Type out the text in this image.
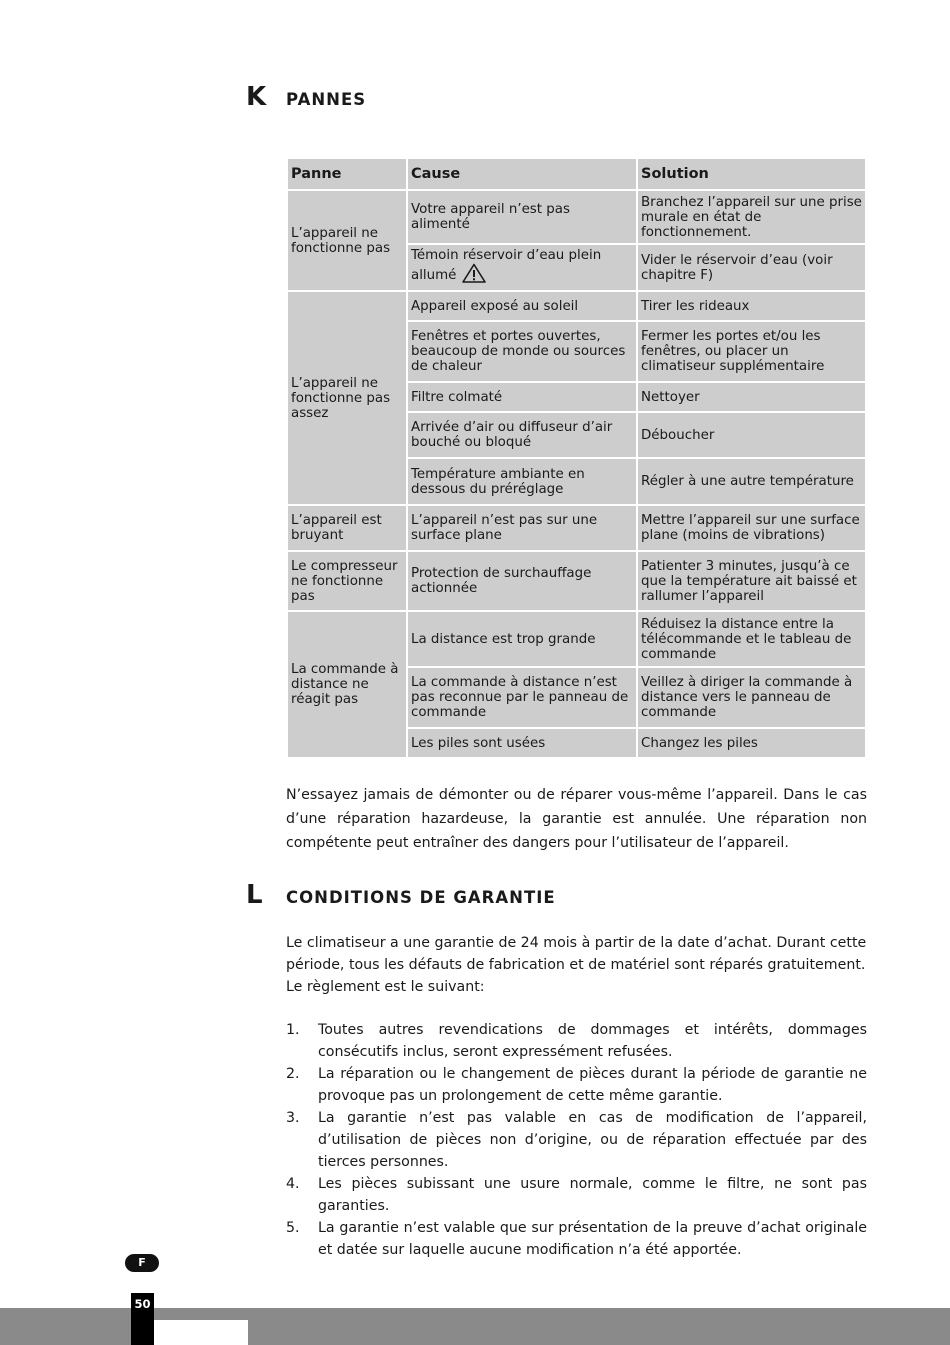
K	PANNES
Panne	Cause	Solution
L’appareil ne fonctionne pas	Votre appareil n’est pas alimenté	Branchez l’appareil sur une prise murale en état de fonctionnement.
	Témoin réservoir d’eau plein allumé	Vider le réservoir d’eau (voir chapitre F)
L’appareil ne fonctionne pas assez	Appareil exposé au soleil	Tirer les rideaux
	Fenêtres et portes ouvertes, beaucoup de monde ou sources de chaleur	Fermer les portes et/ou les fenêtres, ou placer un climatiseur supplémentaire
	Filtre colmaté	Nettoyer
	Arrivée d’air ou diffuseur d’air bouché ou bloqué	Déboucher
	Température ambiante en dessous du préréglage	Régler à une autre température
L’appareil est bruyant	L’appareil n’est pas sur une surface plane	Mettre l’appareil sur une surface plane (moins de vibrations)
Le compresseur ne fonctionne pas	Protection de surchauffage actionnée	Patienter 3 minutes, jusqu’à ce que la température ait baissé et rallumer l’appareil
La commande à distance ne réagit pas	La distance est trop grande	Réduisez la distance entre la télécommande et le tableau de commande
	La commande à distance n’est pas reconnue par le panneau de commande	Veillez à diriger la commande à distance vers le panneau de commande
	Les piles sont usées	Changez les piles

N’essayez jamais de démonter ou de réparer vous-même l’appareil. Dans le cas d’une réparation hazardeuse, la garantie est annulée. Une réparation non compétente peut entraîner des dangers pour l’utilisateur de l’appareil.

L	CONDITIONS DE GARANTIE

Le climatiseur a une garantie de 24 mois à partir de la date d’achat. Durant cette période, tous les défauts de fabrication et de matériel sont réparés gratuitement. Le règlement est le suivant:

1.	Toutes autres revendications de dommages et intérêts, dommages consécutifs inclus, seront expressément refusées.
2.	La réparation ou le changement de pièces durant la période de garantie ne provoque pas un prolongement de cette même garantie.
3.	La garantie n’est pas valable en cas de modification de l’appareil, d’utilisation de pièces non d’origine, ou de réparation effectuée par des tierces personnes.
4.	Les pièces subissant une usure normale, comme le filtre, ne sont pas garanties.
5.	La garantie n’est valable que sur présentation de la preuve d’achat originale et datée sur laquelle aucune modification n’a été apportée.
F
50
